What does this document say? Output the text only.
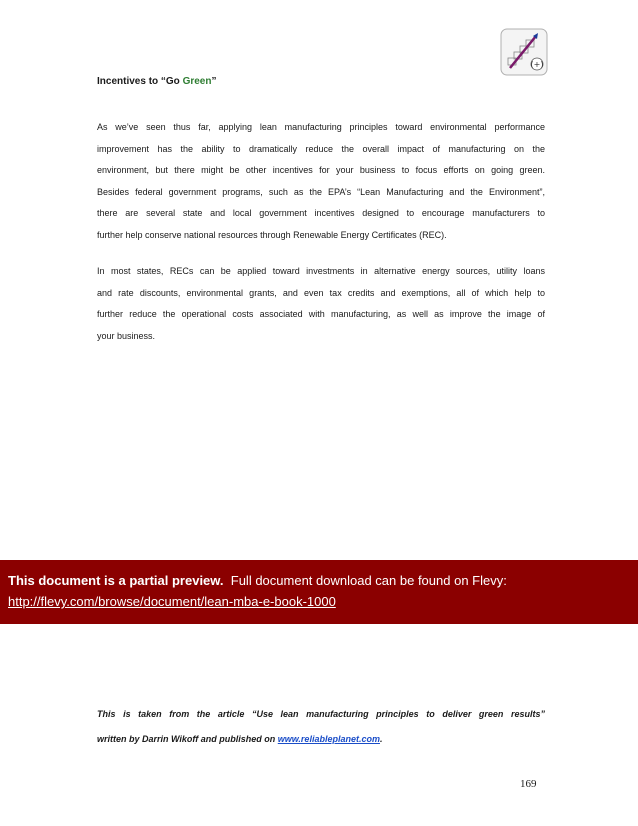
(+)

Incentives to “Go Green”

As we’ve seen thus far, applying lean manufacturing principles toward environmental performance
improvement has the ability to dramatically reduce the overall impact of manufacturing on the
environment, but there might be other incentives for your business to focus efforts on going green.
Besides federal government programs, such as the EPA’s “Lean Manufacturing and the Environment”,
there are several state and local government incentives designed to encourage manufacturers to
further help conserve national resources through Renewable Energy Certificates (REC).

In most states, RECs can be applied toward investments in alternative energy sources, utility loans
and rate discounts, environmental grants, and even tax credits and exemptions, all of which help to
further reduce the operational costs associated with manufacturing, as well as improve the image of
your business.

This document is a partial preview. Full document download can be found on Flevy:
http://flevy.com/browse/document/lean-mba-e-book-1000

This is taken from the article “Use lean manufacturing principles to deliver green results”

written by Darrin Wikoff and published on www.reliableplanet.com.

169
